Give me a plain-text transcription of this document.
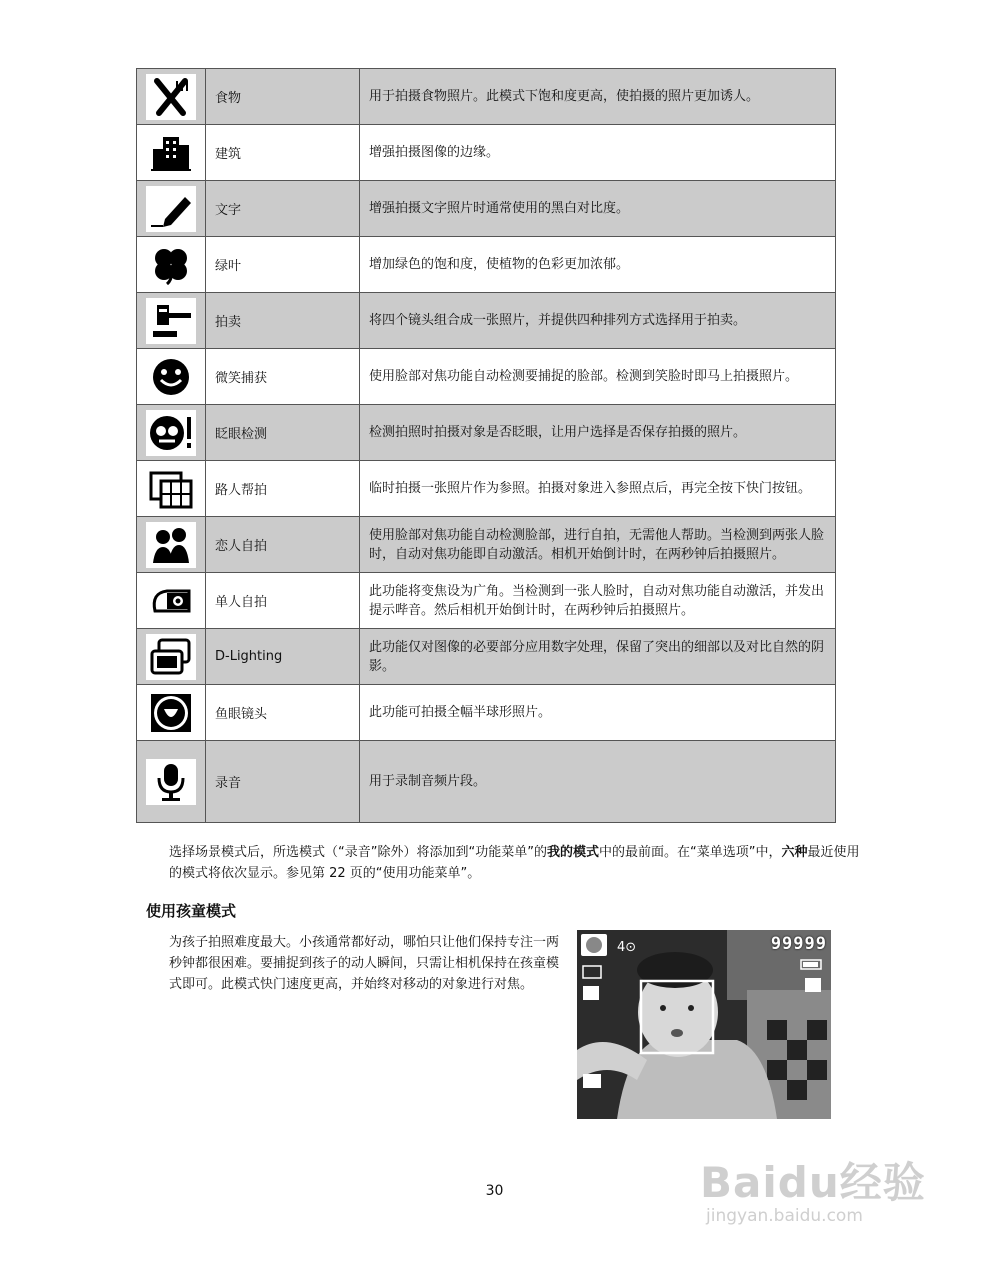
	食物	用于拍摄食物照片。此模式下饱和度更高，使拍摄的照片更加诱人。

	建筑	增强拍摄图像的边缘。

	文字	增强拍摄文字照片时通常使用的黑白对比度。

	绿叶	增加绿色的饱和度，使植物的色彩更加浓郁。

	拍卖	将四个镜头组合成一张照片，并提供四种排列方式选择用于拍卖。

	微笑捕获	使用脸部对焦功能自动检测要捕捉的脸部。检测到笑脸时即马上拍摄照片。

	眨眼检测	检测拍照时拍摄对象是否眨眼，让用户选择是否保存拍摄的照片。

	路人帮拍	临时拍摄一张照片作为参照。拍摄对象进入参照点后，再完全按下快门按钮。

	恋人自拍	使用脸部对焦功能自动检测脸部，进行自拍，无需他人帮助。当检测到两张人脸时，自动对焦功能即自动激活。相机开始倒计时，在两秒钟后拍摄照片。

	单人自拍	此功能将变焦设为广角。当检测到一张人脸时，自动对焦功能自动激活，并发出提示哔音。然后相机开始倒计时，在两秒钟后拍摄照片。

	D-Lighting	此功能仅对图像的必要部分应用数字处理，保留了突出的细部以及对比自然的阴影。

	鱼眼镜头	此功能可拍摄全幅半球形照片。

	录音	用于录制音频片段。
选择场景模式后，所选模式（“录音”除外）将添加到“功能菜单”的我的模式中的最前面。在“菜单选项”中，六种最近使用的模式将依次显示。参见第 22 页的“使用功能菜单”。
使用孩童模式
为孩子拍照难度最大。小孩通常都好动，哪怕只让他们保持专注一两秒钟都很困难。要捕捉到孩子的动人瞬间，只需让相机保持在孩童模式即可。此模式快门速度更高，并始终对移动的对象进行对焦。
4⊙	99999
30	Baidu经验
jingyan.baidu.com
